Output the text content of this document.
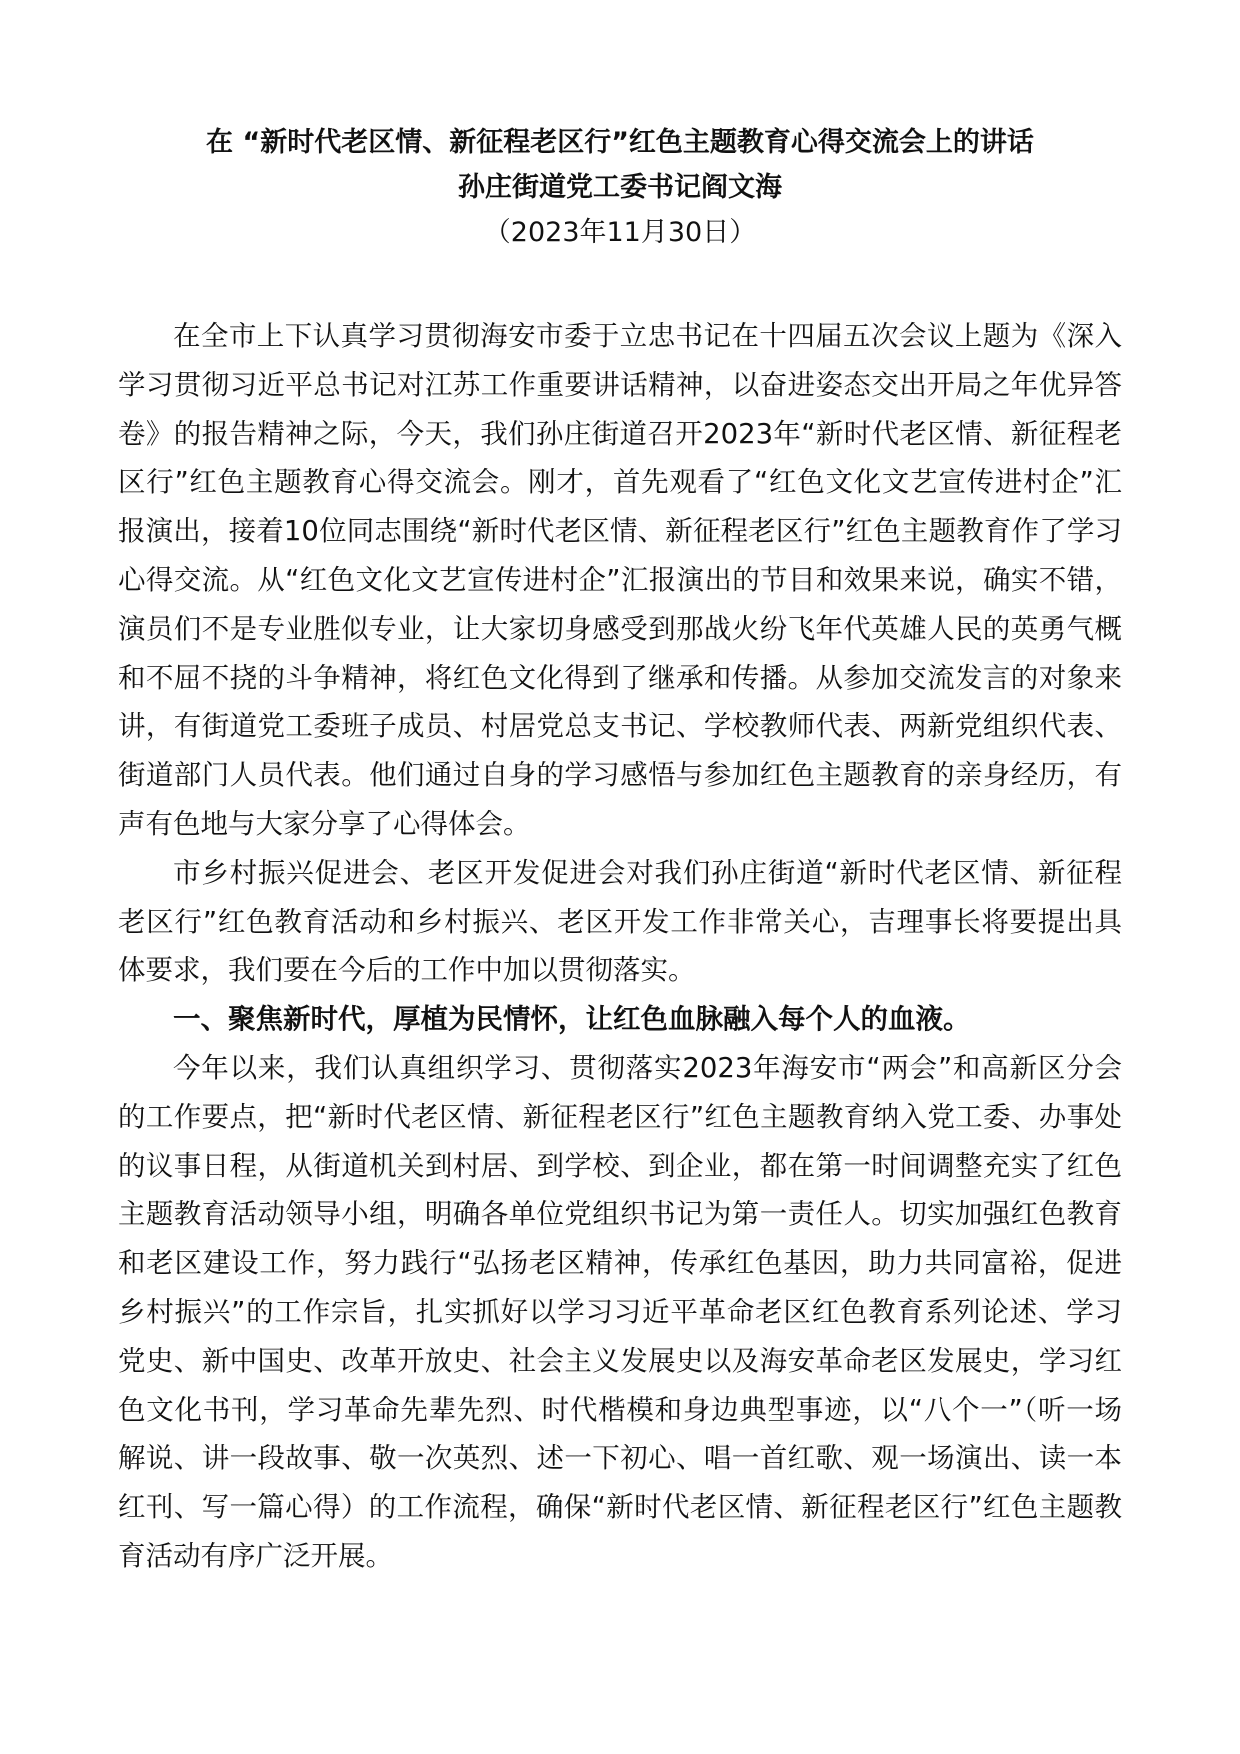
在 “新时代老区情、新征程老区行”红色主题教育心得交流会上的讲话

孙庄街道党工委书记阎文海

（2023年11月30日）

在全市上下认真学习贯彻海安市委于立忠书记在十四届五次会议上题为《深入学习贯彻习近平总书记对江苏工作重要讲话精神，以奋进姿态交出开局之年优异答卷》的报告精神之际，今天，我们孙庄街道召开2023年“新时代老区情、新征程老区行”红色主题教育心得交流会。刚才，首先观看了“红色文化文艺宣传进村企”汇报演出，接着10位同志围绕“新时代老区情、新征程老区行”红色主题教育作了学习心得交流。从“红色文化文艺宣传进村企”汇报演出的节目和效果来说，确实不错，演员们不是专业胜似专业，让大家切身感受到那战火纷飞年代英雄人民的英勇气概和不屈不挠的斗争精神，将红色文化得到了继承和传播。从参加交流发言的对象来讲，有街道党工委班子成员、村居党总支书记、学校教师代表、两新党组织代表、街道部门人员代表。他们通过自身的学习感悟与参加红色主题教育的亲身经历，有声有色地与大家分享了心得体会。

市乡村振兴促进会、老区开发促进会对我们孙庄街道“新时代老区情、新征程老区行”红色教育活动和乡村振兴、老区开发工作非常关心，吉理事长将要提出具体要求，我们要在今后的工作中加以贯彻落实。

一、聚焦新时代，厚植为民情怀，让红色血脉融入每个人的血液。

今年以来，我们认真组织学习、贯彻落实2023年海安市“两会”和高新区分会的工作要点，把“新时代老区情、新征程老区行”红色主题教育纳入党工委、办事处的议事日程，从街道机关到村居、到学校、到企业，都在第一时间调整充实了红色主题教育活动领导小组，明确各单位党组织书记为第一责任人。切实加强红色教育和老区建设工作，努力践行“弘扬老区精神，传承红色基因，助力共同富裕，促进乡村振兴”的工作宗旨，扎实抓好以学习习近平革命老区红色教育系列论述、学习党史、新中国史、改革开放史、社会主义发展史以及海安革命老区发展史，学习红色文化书刊，学习革命先辈先烈、时代楷模和身边典型事迹，以“八个一”（听一场解说、讲一段故事、敬一次英烈、述一下初心、唱一首红歌、观一场演出、读一本红刊、写一篇心得）的工作流程，确保“新时代老区情、新征程老区行”红色主题教育活动有序广泛开展。
